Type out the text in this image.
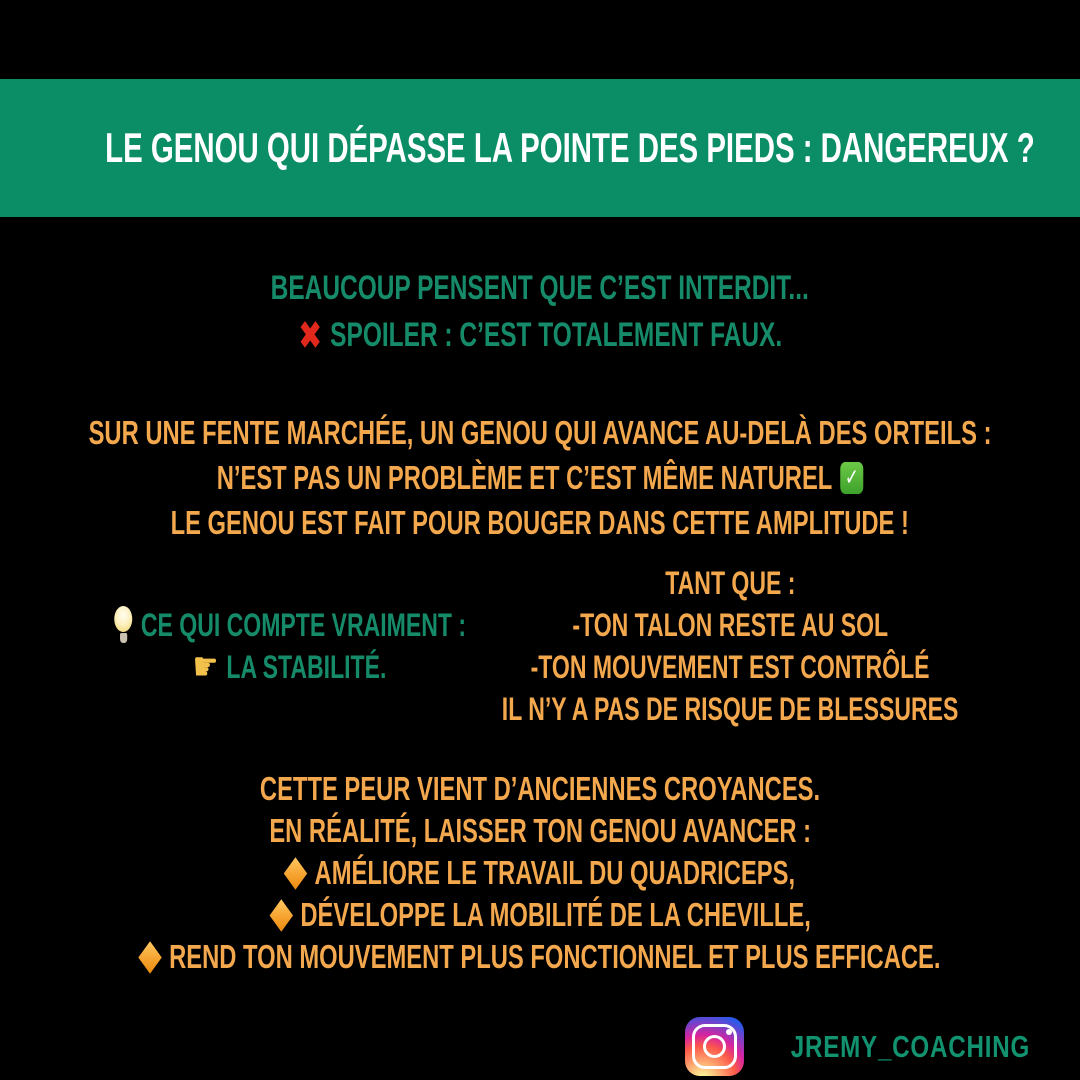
LE GENOU QUI DÉPASSE LA POINTE DES PIEDS : DANGEREUX ?
BEAUCOUP PENSENT QUE C’EST INTERDIT...
✖ SPOILER : C’EST TOTALEMENT FAUX.
SUR UNE FENTE MARCHÉE, UN GENOU QUI AVANCE AU-DELÀ DES ORTEILS :
N’EST PAS UN PROBLÈME ET C’EST MÊME NATUREL ✓
LE GENOU EST FAIT POUR BOUGER DANS CETTE AMPLITUDE !
CE QUI COMPTE VRAIMENT :
☛ LA STABILITÉ.
TANT QUE :
-TON TALON RESTE AU SOL
-TON MOUVEMENT EST CONTRÔLÉ
IL N’Y A PAS DE RISQUE DE BLESSURES
CETTE PEUR VIENT D’ANCIENNES CROYANCES.
EN RÉALITÉ, LAISSER TON GENOU AVANCER :
AMÉLIORE LE TRAVAIL DU QUADRICEPS,
DÉVELOPPE LA MOBILITÉ DE LA CHEVILLE,
REND TON MOUVEMENT PLUS FONCTIONNEL ET PLUS EFFICACE.
JREMY_COACHING
